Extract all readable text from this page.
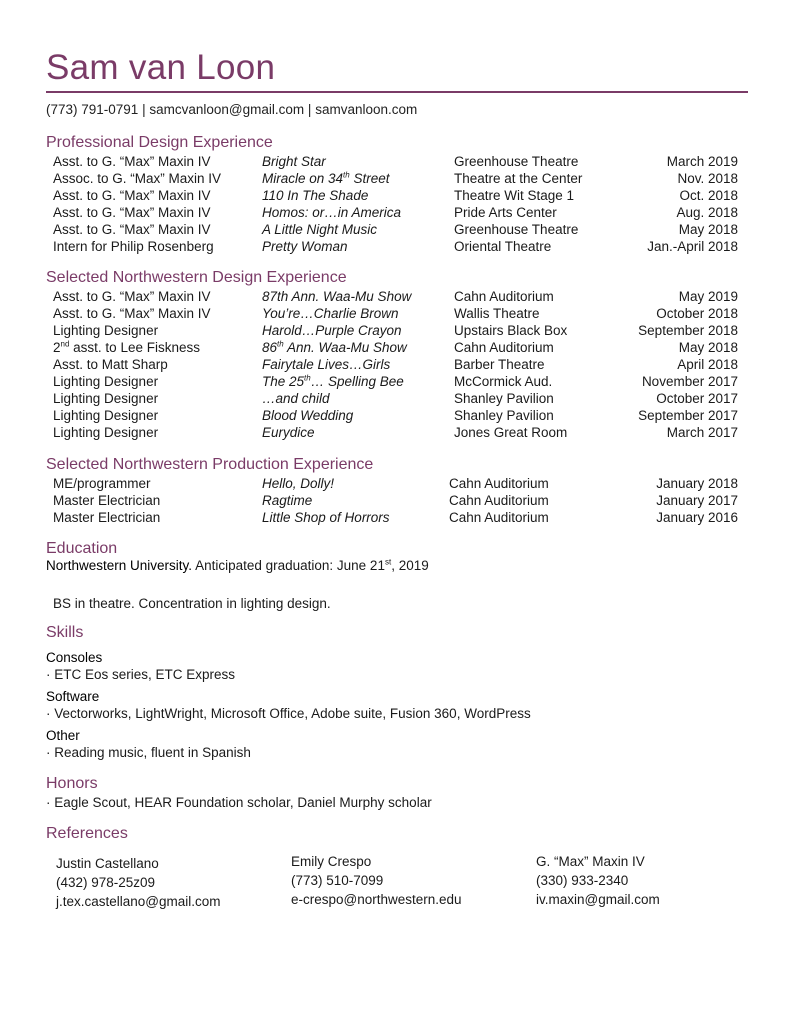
Sam van Loon
(773) 791-0791 | samcvanloon@gmail.com | samvanloon.com
Professional Design Experience
Asst. to G. “Max” Maxin IV	Bright Star	Greenhouse Theatre	March 2019
Assoc. to G. “Max” Maxin IV	Miracle on 34th Street	Theatre at the Center	Nov. 2018
Asst. to G. “Max” Maxin IV	110 In The Shade	Theatre Wit Stage 1	Oct. 2018
Asst. to G. “Max” Maxin IV	Homos: or…in America	Pride Arts Center	Aug. 2018
Asst. to G. “Max” Maxin IV	A Little Night Music	Greenhouse Theatre	May 2018
Intern for Philip Rosenberg	Pretty Woman	Oriental Theatre	Jan.-April 2018
Selected Northwestern Design Experience
Asst. to G. “Max” Maxin IV	87th Ann. Waa-Mu Show	Cahn Auditorium	May 2019
Asst. to G. “Max” Maxin IV	You’re…Charlie Brown	Wallis Theatre	October 2018
Lighting Designer	Harold…Purple Crayon	Upstairs Black Box	September 2018
2nd asst. to Lee Fiskness	86th Ann. Waa-Mu Show	Cahn Auditorium	May 2018
Asst. to Matt Sharp	Fairytale Lives…Girls	Barber Theatre	April 2018
Lighting Designer	The 25th… Spelling Bee	McCormick Aud.	November 2017
Lighting Designer	…and child	Shanley Pavilion	October 2017
Lighting Designer	Blood Wedding	Shanley Pavilion	September 2017
Lighting Designer	Eurydice	Jones Great Room	March 2017
Selected Northwestern Production Experience
ME/programmer	Hello, Dolly!	Cahn Auditorium	January 2018
Master Electrician	Ragtime	Cahn Auditorium	January 2017
Master Electrician	Little Shop of Horrors	Cahn Auditorium	January 2016
Education
Northwestern University. Anticipated graduation: June 21st, 2019
BS in theatre. Concentration in lighting design.
Skills
Consoles
· ETC Eos series, ETC Express
Software
· Vectorworks, LightWright, Microsoft Office, Adobe suite, Fusion 360, WordPress
Other
· Reading music, fluent in Spanish
Honors
· Eagle Scout, HEAR Foundation scholar, Daniel Murphy scholar
References
Justin Castellano
(432) 978-25z09
j.tex.castellano@gmail.com
Emily Crespo
(773) 510-7099
e-crespo@northwestern.edu
G. “Max” Maxin IV
(330) 933-2340
iv.maxin@gmail.com
